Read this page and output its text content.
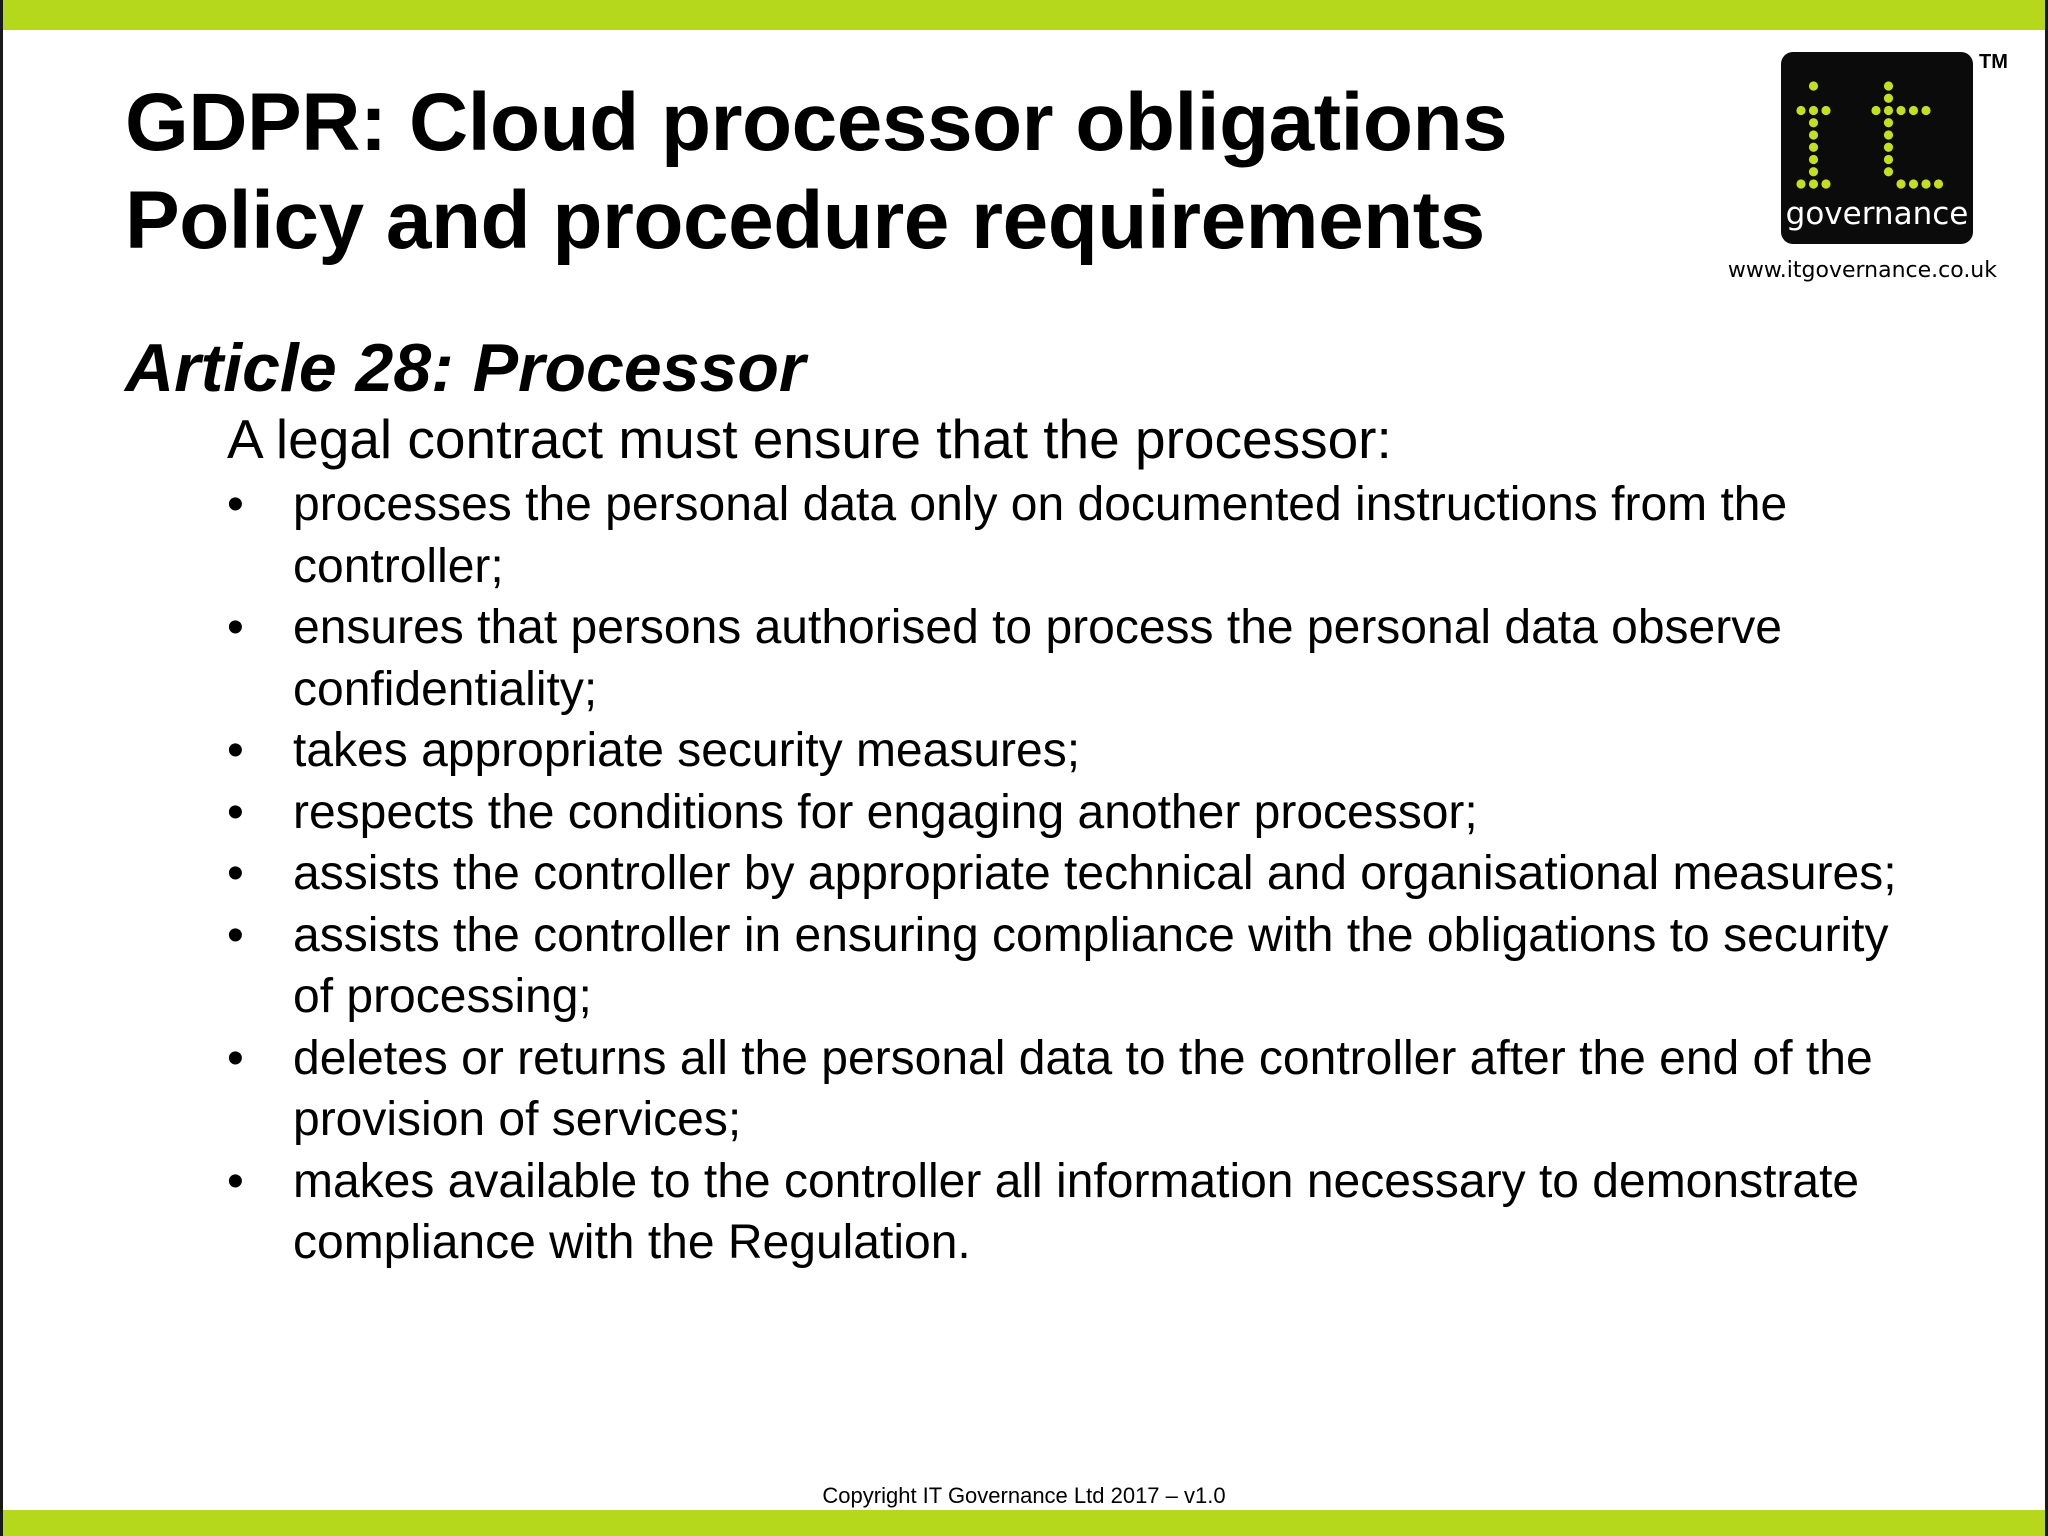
GDPR: Cloud processor obligations
Policy and procedure requirements	governance
TM
www.itgovernance.co.uk
Article 28: Processor

A legal contract must ensure that the processor:

• processes the personal data only on documented instructions from the controller;
• ensures that persons authorised to process the personal data observe confidentiality;
• takes appropriate security measures;
• respects the conditions for engaging another processor;
• assists the controller by appropriate technical and organisational measures;
• assists the controller in ensuring compliance with the obligations to security of processing;
• deletes or returns all the personal data to the controller after the end of the provision of services;
• makes available to the controller all information necessary to demonstrate compliance with the Regulation.
Copyright IT Governance Ltd 2017 – v1.0
